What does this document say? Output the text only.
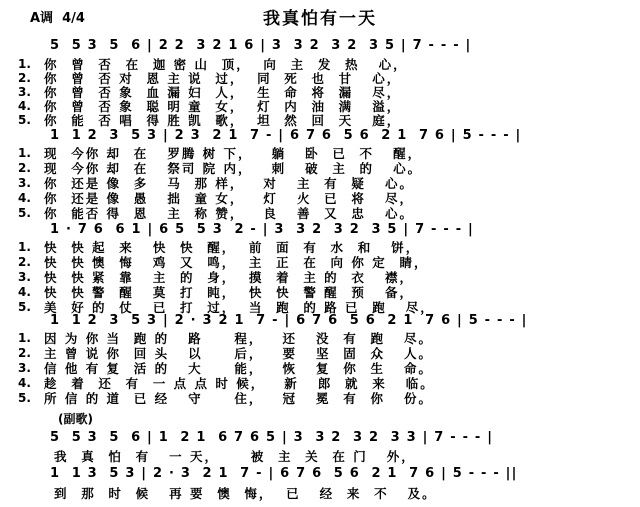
A调  4/4	我真怕有一天
5  5 3  5  6 | 2 2  3 2 1 6 | 3  3 2  3 2  3 5 | 7 - - - |
1.	你  曾  否  在  迦 密 山  顶，  向  主  发  热   心，
2.	你  曾  否 对  恩 主 说  过，  同  死  也  甘   心，
3.	你  曾  否 象  血 漏 妇  人，  生  命  将  漏   尽，
4.	你  曾  否 象  聪 明 童  女，  灯  内  油  满   溢，
5.	你  能  否 唱  得 胜 凯  歌，  坦  然  回  天   庭，
1  1 2  3  5 3 | 2 3  2 1  7 - | 6 7 6  5 6  2 1  7 6 | 5 - - - |
1.	现  今你 却  在   罗腾 树 下，   躺   卧  已  不   醒，
2.	现  今你 却  在   祭司 院 内，   刺   破  主  的   心。
3.	你  还是 像  多   马  那 样，   对   主  有  疑   心。
4.	你  还是 像  愚   拙  童 女，   灯   火  已  将   尽，
5.	你  能否 得  恩   主  称 赞，   良   善  又  忠   心。
1 · 7 6  6 1 | 6 5  5 3  2 - | 3  3 2  3 2  3 5 | 7 - - - |
1.	快  快 起  来   快  快  醒，  前  面  有  水  和   饼，
2.	快  快 懊  悔   鸡  又  鸣，  主  正  在  向 你 定  睛，
3.	快  快 紧  靠   主  的  身，  摸  着  主 的  衣   襟，
4.	快  快 警  醒   莫  打  盹，  快  快  警 醒  预   备，
5.	美  好 的  仗   已  打  过，  当  跑  的 路 已  跑   尽，
1  1 2  3  5 3 | 2 · 3 2 1  7 - | 6 7 6  5 6  2 1  7 6 | 5 - - - |
1.	因 为 你 当  跑 的   路     程，   还   没  有  跑   尽。
2.	主 曾 说 你  回 头   以     后，   要   坚  固  众   人。
3.	信 他 有 复  活 的   大     能，   恢   复  你  生   命。
4.	趁  着  还  有  一 点 点 时 候，   新   郎  就  来   临。
5.	所 信 的 道  已 经   守     住，   冠   冕  有  你   份。
(副歌)
5  5 3  5  6 | 1  2 1  6 7 6 5 | 3  3 2  3 2  3 3 | 7 - - - |
我  真  怕  有   一 天，     被  主  关  在 门   外，
1  1 3  5 3 | 2 · 3  2 1  7 - | 6 7 6  5 6  2 1  7 6 | 5 - - - ||
到  那  时  候   再 要  懊  悔，  已   经  来  不   及。
